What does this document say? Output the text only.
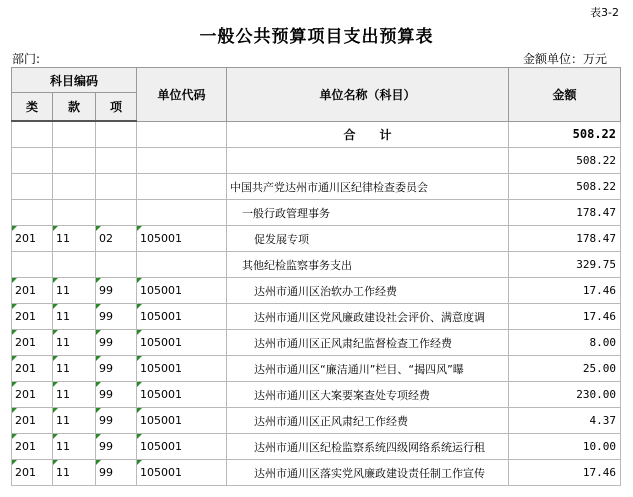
表3-2
一般公共预算项目支出预算表
部门:	金额单位：万元
科目编码			单位代码	单位名称（科目）	金额
类	款	项			
				合　　计	508.22
					508.22
				中国共产党达州市通川区纪律检查委员会	508.22
				一般行政管理事务	178.47
201	11	02	105001	促发展专项	178.47
				其他纪检监察事务支出	329.75
201	11	99	105001	达州市通川区治软办工作经费	17.46
201	11	99	105001	达州市通川区党风廉政建设社会评价、满意度调	17.46
201	11	99	105001	达州市通川区正风肃纪监督检查工作经费	8.00
201	11	99	105001	达州市通川区“廉洁通川”栏目、“揭四风”曝	25.00
201	11	99	105001	达州市通川区大案要案查处专项经费	230.00
201	11	99	105001	达州市通川区正风肃纪工作经费	4.37
201	11	99	105001	达州市通川区纪检监察系统四级网络系统运行租	10.00
201	11	99	105001	达州市通川区落实党风廉政建设责任制工作宣传	17.46
